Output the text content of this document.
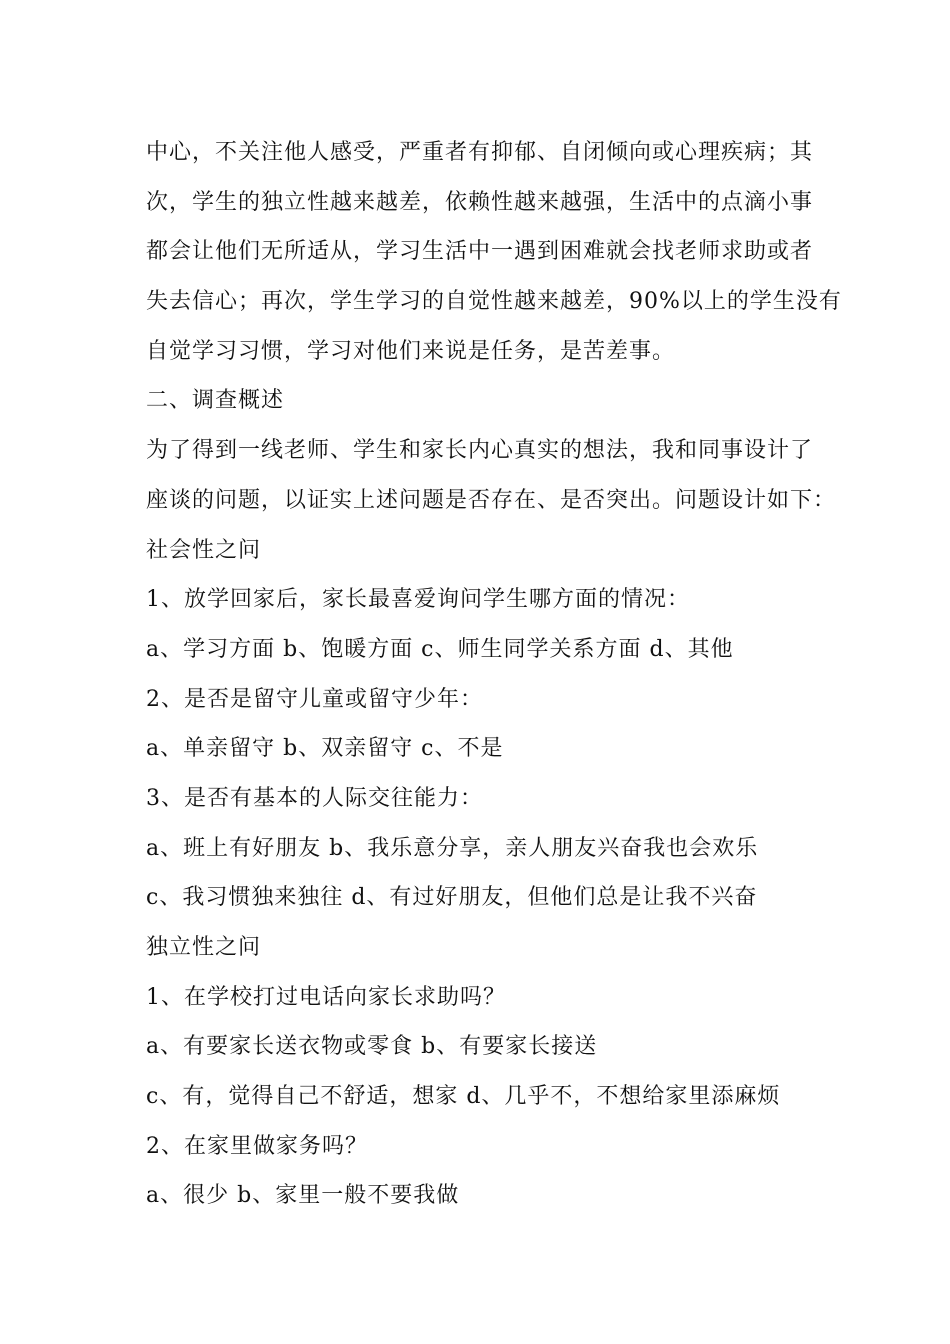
中心，不关注他人感受，严重者有抑郁、自闭倾向或心理疾病；其
次，学生的独立性越来越差，依赖性越来越强，生活中的点滴小事
都会让他们无所适从，学习生活中一遇到困难就会找老师求助或者
失去信心；再次，学生学习的自觉性越来越差，90%以上的学生没有
自觉学习习惯，学习对他们来说是任务，是苦差事。
二、调查概述
为了得到一线老师、学生和家长内心真实的想法，我和同事设计了
座谈的问题，以证实上述问题是否存在、是否突出。问题设计如下：
社会性之问
1、放学回家后，家长最喜爱询问学生哪方面的情况：
a、学习方面 b、饱暖方面 c、师生同学关系方面 d、其他
2、是否是留守儿童或留守少年：
a、单亲留守 b、双亲留守 c、不是
3、是否有基本的人际交往能力：
a、班上有好朋友 b、我乐意分享，亲人朋友兴奋我也会欢乐
c、我习惯独来独往 d、有过好朋友，但他们总是让我不兴奋
独立性之问
1、在学校打过电话向家长求助吗？
a、有要家长送衣物或零食 b、有要家长接送
c、有，觉得自己不舒适，想家 d、几乎不，不想给家里添麻烦
2、在家里做家务吗？
a、很少 b、家里一般不要我做
